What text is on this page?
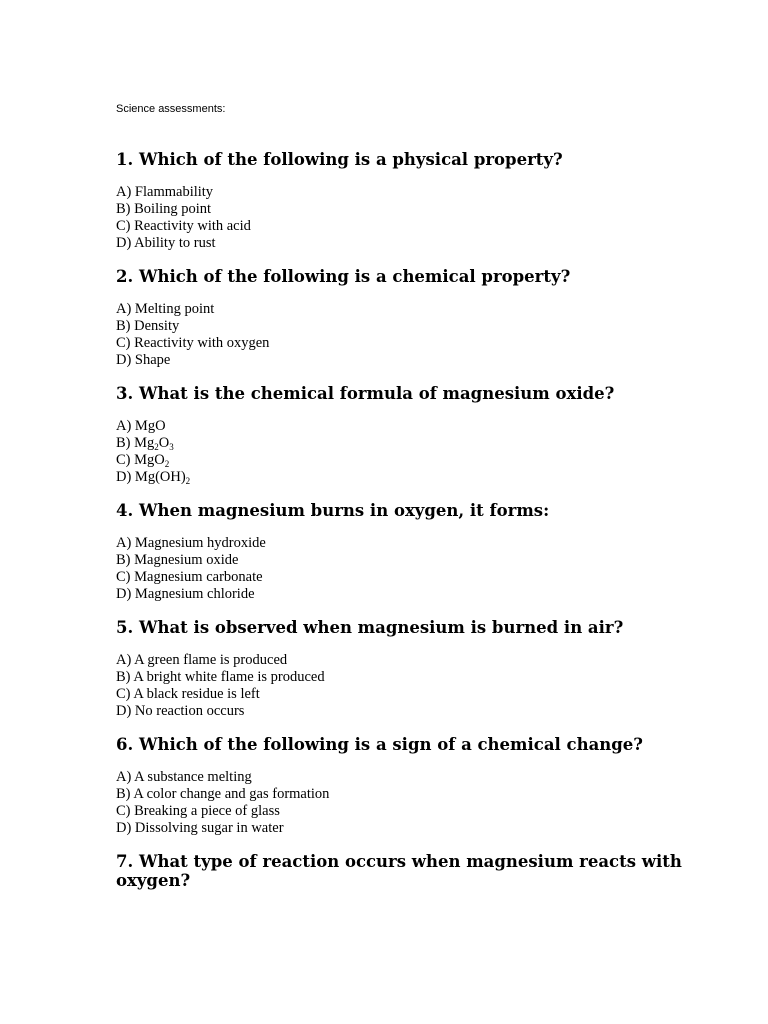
Science assessments:

1. Which of the following is a physical property?
A) Flammability
B) Boiling point
C) Reactivity with acid
D) Ability to rust
2. Which of the following is a chemical property?
A) Melting point
B) Density
C) Reactivity with oxygen
D) Shape
3. What is the chemical formula of magnesium oxide?
A) MgO
B) $Mg_2O_3$
C) MgO$_2$
D) $Mg(OH)_2$
4. When magnesium burns in oxygen, it forms:
A) Magnesium hydroxide
B) Magnesium oxide
C) Magnesium carbonate
D) Magnesium chloride
5. What is observed when magnesium is burned in air?
A) A green flame is produced
B) A bright white flame is produced
C) A black residue is left
D) No reaction occurs
6. Which of the following is a sign of a chemical change?
A) A substance melting
B) A color change and gas formation
C) Breaking a piece of glass
D) Dissolving sugar in water
7. What type of reaction occurs when magnesium reacts with oxygen?
